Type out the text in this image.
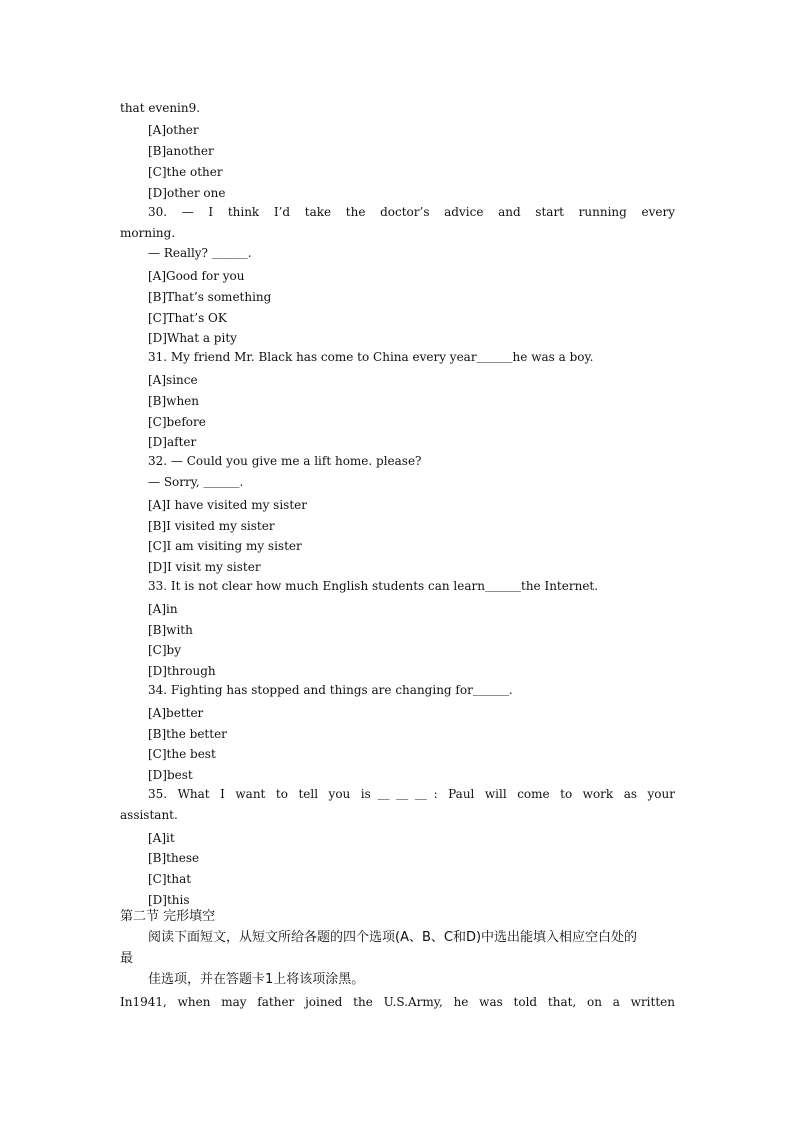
that evenin9.
[A]other
[B]another
[C]the other
[D]other one
30. — I think I’d take the doctor’s advice and start running every
morning.
— Really? ＿＿＿.
[A]Good for you
[B]That’s something
[C]That’s OK
[D]What a pity
31. My friend Mr. Black has come to China every year＿＿＿he was a boy.
[A]since
[B]when
[C]before
[D]after
32. — Could you give me a lift home. please?
— Sorry, ＿＿＿.
[A]I have visited my sister
[B]I visited my sister
[C]I am visiting my sister
[D]I visit my sister
33. It is not clear how much English students can learn＿＿＿the Internet.
[A]in
[B]with
[C]by
[D]through
34. Fighting has stopped and things are changing for＿＿＿.
[A]better
[B]the better
[C]the best
[D]best
35. What I want to tell you is＿＿＿: Paul will come to work as your
assistant.
[A]it
[B]these
[C]that
[D]this
第二节 完形填空
阅读下面短文，从短文所给各题的四个选项(A、B、C和D)中选出能填入相应空白处的
最
佳选项，并在答题卡1上将该项涂黑。
In1941, when may father joined the U.S.Army, he was told that, on a written
